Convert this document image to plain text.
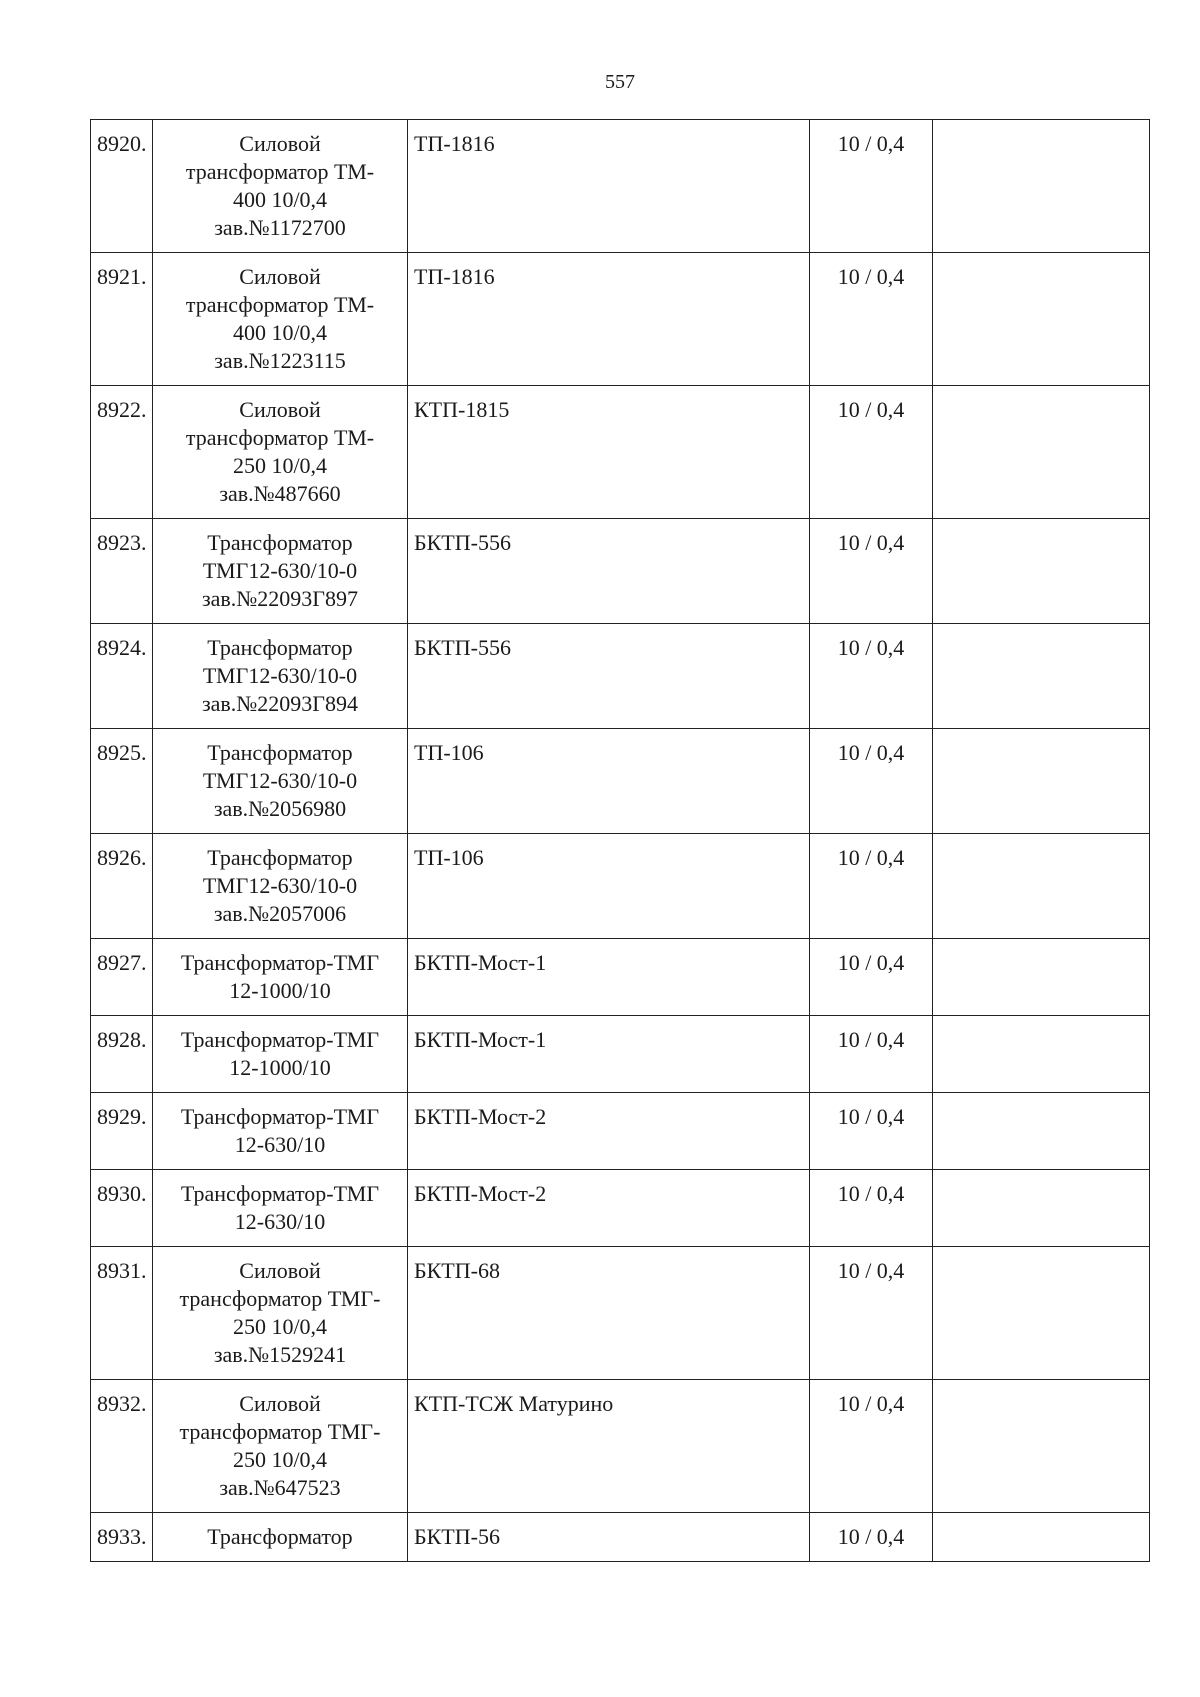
557
8920.	Силовой
трансформатор ТМ-
400 10/0,4
зав.№1172700	ТП-1816	10 / 0,4	
8921.	Силовой
трансформатор ТМ-
400 10/0,4
зав.№1223115	ТП-1816	10 / 0,4	
8922.	Силовой
трансформатор ТМ-
250 10/0,4
зав.№487660	КТП-1815	10 / 0,4	
8923.	Трансформатор
ТМГ12-630/10-0
зав.№22093Г897	БКТП-556	10 / 0,4	
8924.	Трансформатор
ТМГ12-630/10-0
зав.№22093Г894	БКТП-556	10 / 0,4	
8925.	Трансформатор
ТМГ12-630/10-0
зав.№2056980	ТП-106	10 / 0,4	
8926.	Трансформатор
ТМГ12-630/10-0
зав.№2057006	ТП-106	10 / 0,4	
8927.	Трансформатор-ТМГ
12-1000/10	БКТП-Мост-1	10 / 0,4	
8928.	Трансформатор-ТМГ
12-1000/10	БКТП-Мост-1	10 / 0,4	
8929.	Трансформатор-ТМГ
12-630/10	БКТП-Мост-2	10 / 0,4	
8930.	Трансформатор-ТМГ
12-630/10	БКТП-Мост-2	10 / 0,4	
8931.	Силовой
трансформатор ТМГ-
250 10/0,4
зав.№1529241	БКТП-68	10 / 0,4	
8932.	Силовой
трансформатор ТМГ-
250 10/0,4
зав.№647523	КТП-ТСЖ Матурино	10 / 0,4	
8933.	Трансформатор	БКТП-56	10 / 0,4	
